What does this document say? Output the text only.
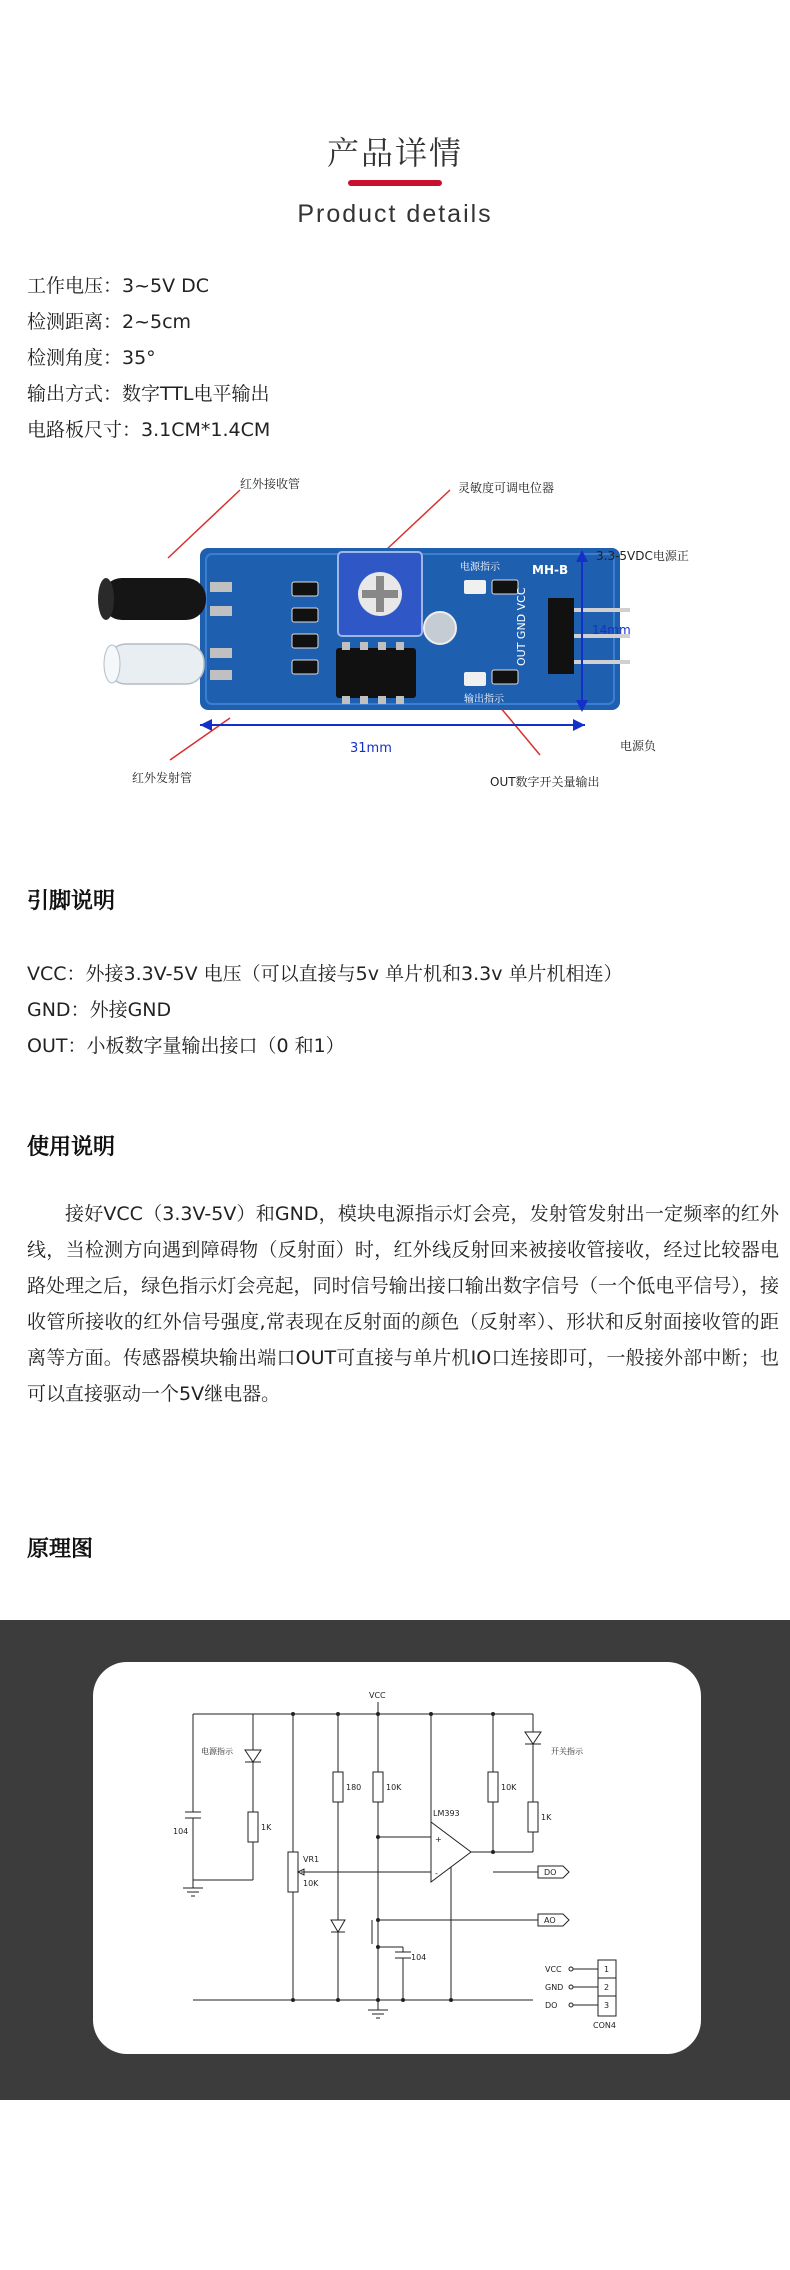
产品详情
Product details
工作电压：3~5V DC
检测距离：2~5cm
检测角度：35°
输出方式：数字TTL电平输出
电路板尺寸：3.1CM*1.4CM
OUT GND VCC
红外接收管	灵敏度可调电位器
电源指示	MH-B
3.3-5VDC电源正
14mm
31mm
输出指示
电源负
红外发射管	OUT数字开关量输出
引脚说明
VCC：外接3.3V-5V 电压（可以直接与5v 单片机和3.3v 单片机相连）
GND：外接GND
OUT：小板数字量输出接口（0 和1）
使用说明

接好VCC（3.3V-5V）和GND，模块电源指示灯会亮，发射管发射出一定频率的红外线，当检测方向遇到障碍物（反射面）时，红外线反射回来被接收管接收，经过比较器电路处理之后，绿色指示灯会亮起，同时信号输出接口输出数字信号（一个低电平信号），接收管所接收的红外信号强度,常表现在反射面的颜色（反射率）、形状和反射面接收管的距离等方面。传感器模块输出端口OUT可直接与单片机IO口连接即可，一般接外部中断；也可以直接驱动一个5V继电器。

原理图
VCC
电源指示	开关指示
104	1K
180	10K	10K
1K
VR1
10K
LM393
+
-	DO
AO
104
VCC
GND
DO
1
2
3
CON4
